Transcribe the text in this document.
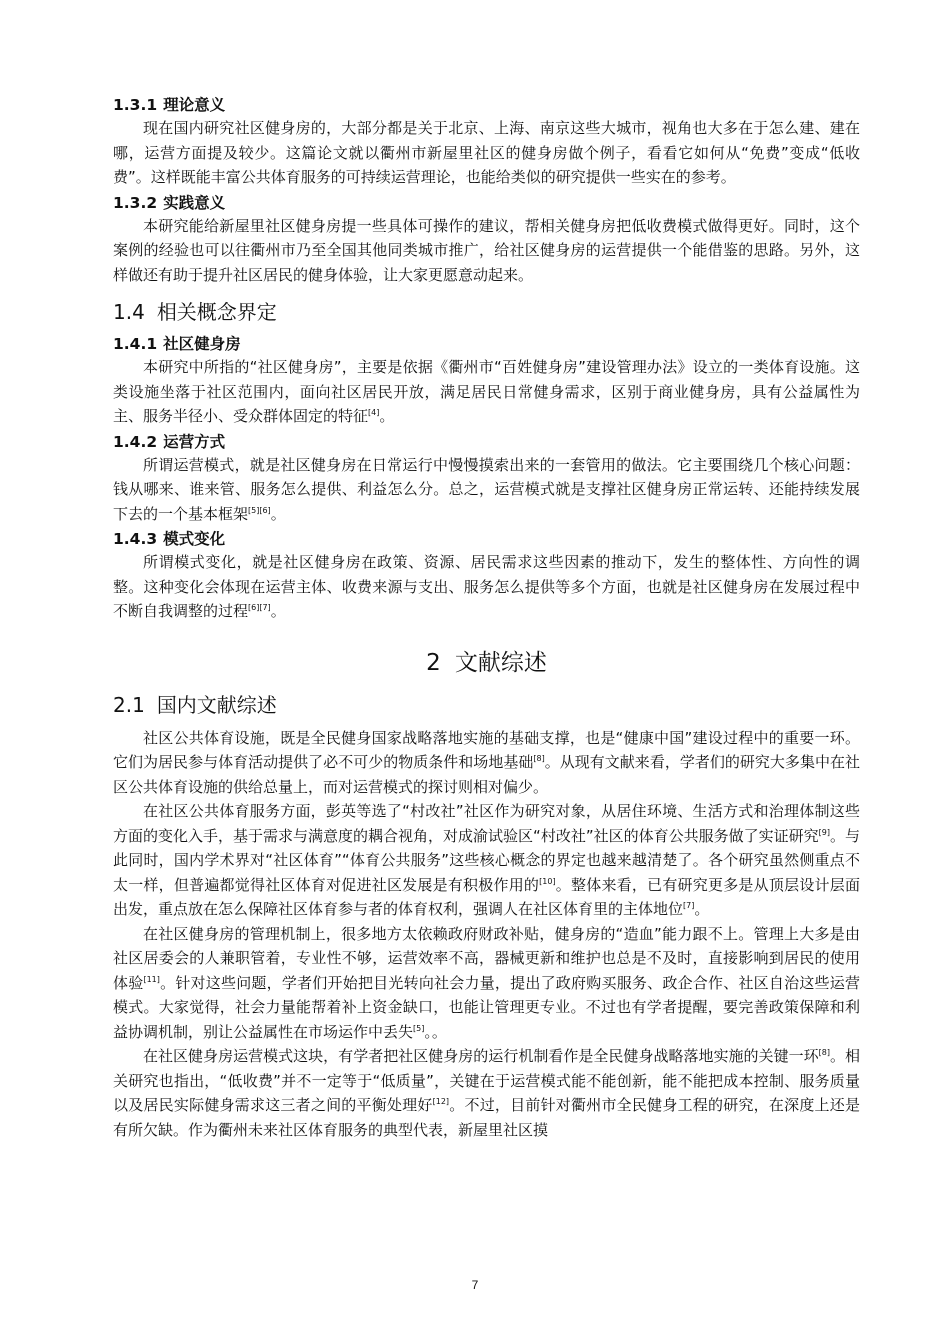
1.3.1 理论意义

现在国内研究社区健身房的，大部分都是关于北京、上海、南京这些大城市，视角也大多在于怎么建、建在哪，运营方面提及较少。这篇论文就以衢州市新屋里社区的健身房做个例子，看看它如何从“免费”变成“低收费”。这样既能丰富公共体育服务的可持续运营理论，也能给类似的研究提供一些实在的参考。

1.3.2 实践意义

本研究能给新屋里社区健身房提一些具体可操作的建议，帮相关健身房把低收费模式做得更好。同时，这个案例的经验也可以往衢州市乃至全国其他同类城市推广，给社区健身房的运营提供一个能借鉴的思路。另外，这样做还有助于提升社区居民的健身体验，让大家更愿意动起来。

1.4 相关概念界定
1.4.1 社区健身房

本研究中所指的“社区健身房”，主要是依据《衢州市“百姓健身房”建设管理办法》设立的一类体育设施。这类设施坐落于社区范围内，面向社区居民开放，满足居民日常健身需求，区别于商业健身房，具有公益属性为主、服务半径小、受众群体固定的特征[4]。

1.4.2 运营方式

所谓运营模式，就是社区健身房在日常运行中慢慢摸索出来的一套管用的做法。它主要围绕几个核心问题：钱从哪来、谁来管、服务怎么提供、利益怎么分。总之，运营模式就是支撑社区健身房正常运转、还能持续发展下去的一个基本框架[5][6]。

1.4.3 模式变化

所谓模式变化，就是社区健身房在政策、资源、居民需求这些因素的推动下，发生的整体性、方向性的调整。这种变化会体现在运营主体、收费来源与支出、服务怎么提供等多个方面，也就是社区健身房在发展过程中不断自我调整的过程[6][7]。

2 文献综述
2.1 国内文献综述

社区公共体育设施，既是全民健身国家战略落地实施的基础支撑，也是“健康中国”建设过程中的重要一环。它们为居民参与体育活动提供了必不可少的物质条件和场地基础[8]。从现有文献来看，学者们的研究大多集中在社区公共体育设施的供给总量上，而对运营模式的探讨则相对偏少。

在社区公共体育服务方面，彭英等选了“村改社”社区作为研究对象，从居住环境、生活方式和治理体制这些方面的变化入手，基于需求与满意度的耦合视角，对成渝试验区“村改社”社区的体育公共服务做了实证研究[9]。与此同时，国内学术界对“社区体育”“体育公共服务”这些核心概念的界定也越来越清楚了。各个研究虽然侧重点不太一样，但普遍都觉得社区体育对促进社区发展是有积极作用的[10]。整体来看，已有研究更多是从顶层设计层面出发，重点放在怎么保障社区体育参与者的体育权利，强调人在社区体育里的主体地位[7]。

在社区健身房的管理机制上，很多地方太依赖政府财政补贴，健身房的“造血”能力跟不上。管理上大多是由社区居委会的人兼职管着，专业性不够，运营效率不高，器械更新和维护也总是不及时，直接影响到居民的使用体验[11]。针对这些问题，学者们开始把目光转向社会力量，提出了政府购买服务、政企合作、社区自治这些运营模式。大家觉得，社会力量能帮着补上资金缺口，也能让管理更专业。不过也有学者提醒，要完善政策保障和利益协调机制，别让公益属性在市场运作中丢失[5]。。

在社区健身房运营模式这块，有学者把社区健身房的运行机制看作是全民健身战略落地实施的关键一环[8]。相关研究也指出，“低收费”并不一定等于“低质量”，关键在于运营模式能不能创新，能不能把成本控制、服务质量以及居民实际健身需求这三者之间的平衡处理好[12]。不过，目前针对衢州市全民健身工程的研究，在深度上还是有所欠缺。作为衢州未来社区体育服务的典型代表，新屋里社区摸

7
